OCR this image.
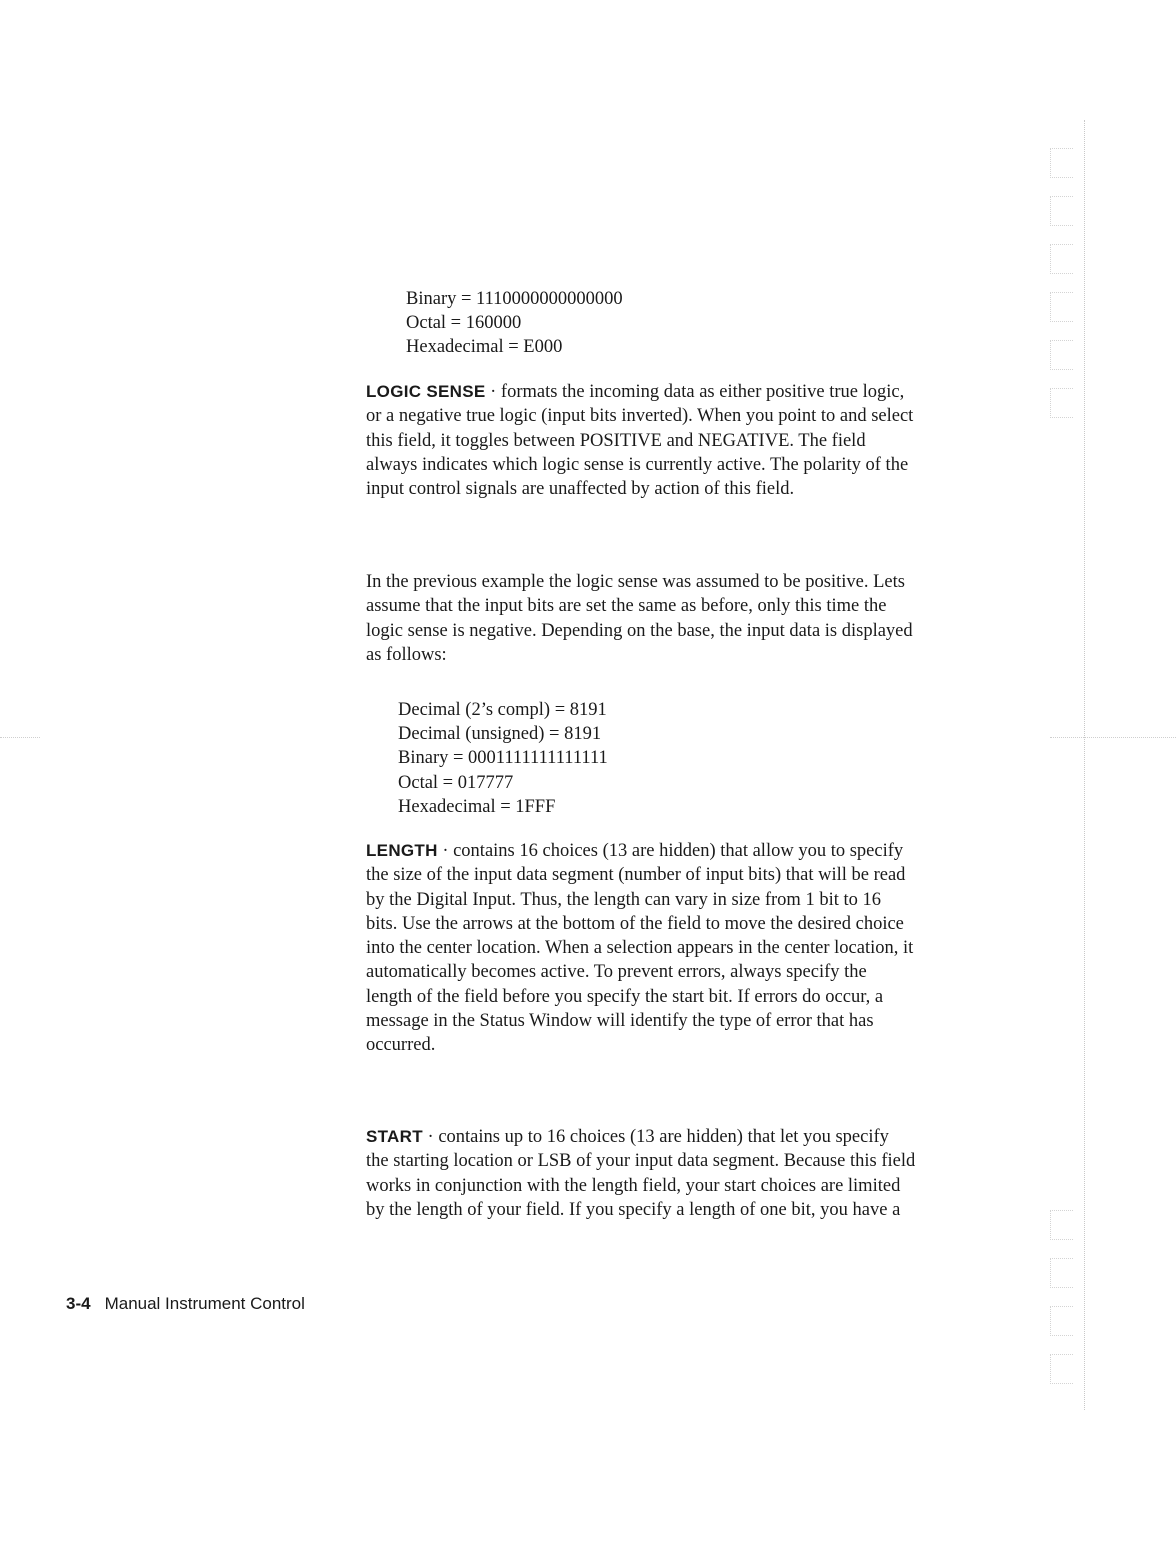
Binary = 1110000000000000
Octal = 160000
Hexadecimal = E000
LOGIC SENSE · formats the incoming data as either positive true logic, or a negative true logic (input bits inverted). When you point to and select this field, it toggles between POSITIVE and NEGATIVE. The field always indicates which logic sense is currently active. The polarity of the input control signals are unaffected by action of this field.
In the previous example the logic sense was assumed to be positive. Lets assume that the input bits are set the same as before, only this time the logic sense is negative. Depending on the base, the input data is displayed as follows:
Decimal (2’s compl) = 8191
Decimal (unsigned) = 8191
Binary = 0001111111111111
Octal = 017777
Hexadecimal = 1FFF
LENGTH · contains 16 choices (13 are hidden) that allow you to specify the size of the input data segment (number of input bits) that will be read by the Digital Input. Thus, the length can vary in size from 1 bit to 16 bits. Use the arrows at the bottom of the field to move the desired choice into the center location. When a selection appears in the center location, it automatically becomes active. To prevent errors, always specify the length of the field before you specify the start bit. If errors do occur, a message in the Status Window will identify the type of error that has occurred.
START · contains up to 16 choices (13 are hidden) that let you specify the starting location or LSB of your input data segment. Because this field works in conjunction with the length field, your start choices are limited by the length of your field. If you specify a length of one bit, you have a
3-4 Manual Instrument Control
